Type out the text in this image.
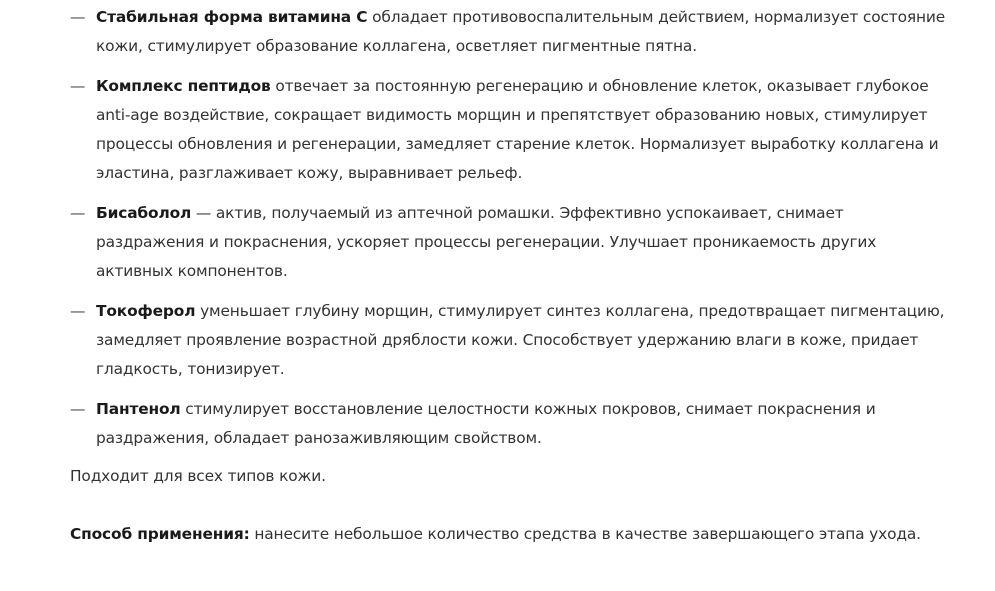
— Стабильная форма витамина С обладает противовоспалительным действием, нормализует состояние кожи, стимулирует образование коллагена, осветляет пигментные пятна.
— Комплекс пептидов отвечает за постоянную регенерацию и обновление клеток, оказывает глубокое anti-age воздействие, сокращает видимость морщин и препятствует образованию новых, стимулирует процессы обновления и регенерации, замедляет старение клеток. Нормализует выработку коллагена и эластина, разглаживает кожу, выравнивает рельеф.
— Бисаболол — актив, получаемый из аптечной ромашки. Эффективно успокаивает, снимает раздражения и покраснения, ускоряет процессы регенерации. Улучшает проникаемость других активных компонентов.
— Токоферол уменьшает глубину морщин, стимулирует синтез коллагена, предотвращает пигментацию, замедляет проявление возрастной дряблости кожи. Способствует удержанию влаги в коже, придает гладкость, тонизирует.
— Пантенол стимулирует восстановление целостности кожных покровов, снимает покраснения и раздражения, обладает ранозаживляющим свойством.

Подходит для всех типов кожи.

Способ применения: нанесите небольшое количество средства в качестве завершающего этапа ухода.
